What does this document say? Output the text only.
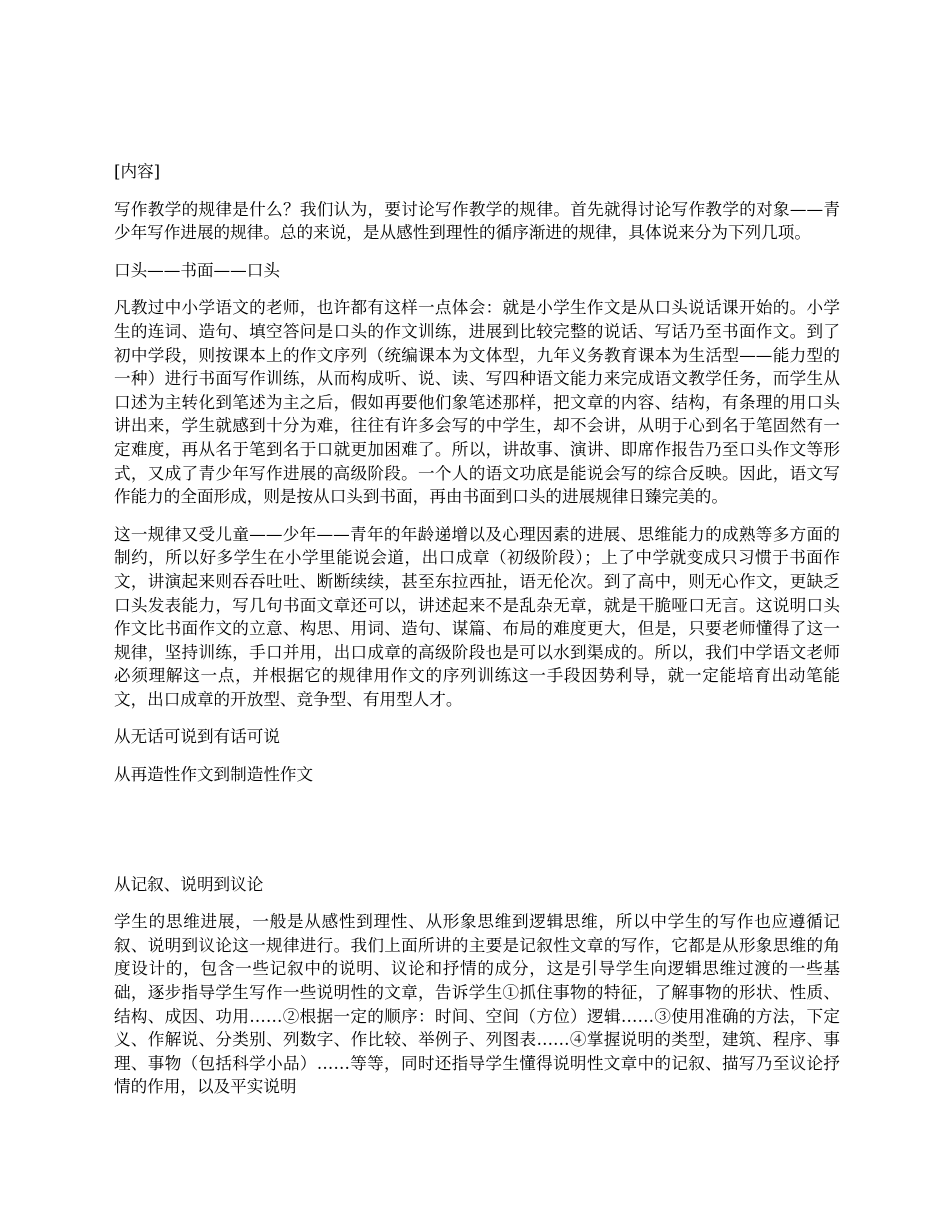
[内容]

写作教学的规律是什么？我们认为，要讨论写作教学的规律。首先就得讨论写作教学的对象——青少年写作进展的规律。总的来说，是从感性到理性的循序渐进的规律，具体说来分为下列几项。

口头——书面——口头

凡教过中小学语文的老师，也许都有这样一点体会：就是小学生作文是从口头说话课开始的。小学生的连词、造句、填空答问是口头的作文训练，进展到比较完整的说话、写话乃至书面作文。到了初中学段，则按课本上的作文序列（统编课本为文体型，九年义务教育课本为生活型——能力型的一种）进行书面写作训练，从而构成听、说、读、写四种语文能力来完成语文教学任务，而学生从口述为主转化到笔述为主之后，假如再要他们象笔述那样，把文章的内容、结构，有条理的用口头讲出来，学生就感到十分为难，往往有许多会写的中学生，却不会讲，从明于心到名于笔固然有一定难度，再从名于笔到名于口就更加困难了。所以，讲故事、演讲、即席作报告乃至口头作文等形式，又成了青少年写作进展的高级阶段。一个人的语文功底是能说会写的综合反映。因此，语文写作能力的全面形成，则是按从口头到书面，再由书面到口头的进展规律日臻完美的。

这一规律又受儿童——少年——青年的年龄递增以及心理因素的进展、思维能力的成熟等多方面的制约，所以好多学生在小学里能说会道，出口成章（初级阶段）；上了中学就变成只习惯于书面作文，讲演起来则吞吞吐吐、断断续续，甚至东拉西扯，语无伦次。到了高中，则无心作文，更缺乏口头发表能力，写几句书面文章还可以，讲述起来不是乱杂无章，就是干脆哑口无言。这说明口头作文比书面作文的立意、构思、用词、造句、谋篇、布局的难度更大，但是，只要老师懂得了这一规律，坚持训练，手口并用，出口成章的高级阶段也是可以水到渠成的。所以，我们中学语文老师必须理解这一点，并根据它的规律用作文的序列训练这一手段因势利导，就一定能培育出动笔能文，出口成章的开放型、竞争型、有用型人才。

从无话可说到有话可说

从再造性作文到制造性作文

从记叙、说明到议论

学生的思维进展，一般是从感性到理性、从形象思维到逻辑思维，所以中学生的写作也应遵循记叙、说明到议论这一规律进行。我们上面所讲的主要是记叙性文章的写作，它都是从形象思维的角度设计的，包含一些记叙中的说明、议论和抒情的成分，这是引导学生向逻辑思维过渡的一些基础，逐步指导学生写作一些说明性的文章，告诉学生①抓住事物的特征，了解事物的形状、性质、结构、成因、功用……②根据一定的顺序：时间、空间（方位）逻辑……③使用准确的方法，下定义、作解说、分类别、列数字、作比较、举例子、列图表……④掌握说明的类型，建筑、程序、事理、事物（包括科学小品）……等等，同时还指导学生懂得说明性文章中的记叙、描写乃至议论抒情的作用，以及平实说明
